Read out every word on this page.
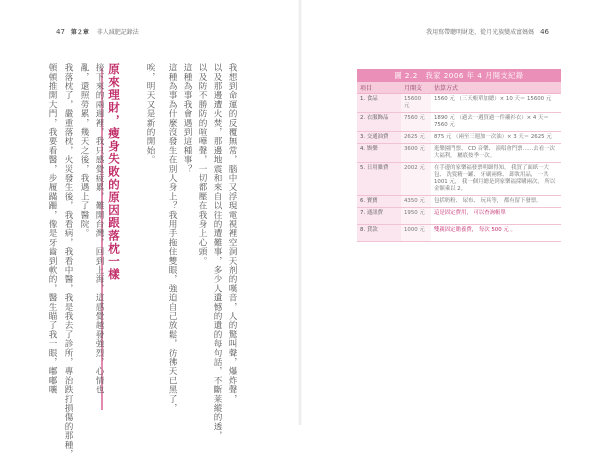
47 第２章 非人減肥記錄法
原來理財，瘦身失敗的原因跟落枕一樣	我想到命運的反覆無常，腦中又浮現電視裡空洞天剂的嘆音，人的驚叫聲，爆炸聲，
以及那邊遭火焚，那邊地震和來自以往的遭難事，多少人遺憾的遺的每句話，不斷莱縱的透，
以及防不勝防的喧嘩聲，一切都壓在我身上心頭。
這種為事我會遇到這種事？
這種為事為什麼沒發生在別人身上？我用手拖住雙眼，強迫自己放鬆，彷彿天已黑了，
唉，明天又是新的開始。
接下來的兩週裡，我只感覺疲累，難開台灣，回到上海，這感覺越發強烈，心情也
亂，還照勞累，幾天之後，我遇上了醫院。
我落枕了，嚴重落枕，火災發生後，我看病，我看中醫，我是我去了診所，專治跌打損傷的那種，
頓頓推開大門，我要看醫，步履蹣跚，像是牙齒到軟的，醫生瞄了我一眼，嘟嘟嚷
我用寫帶聰明財迷，從月光族變成富媽媽 46
圖 2.2　我家 2006 年 4 月開支紀錄
項目	月開支	估算方式
1. 食品	15600 元	1560 元 （三天帳單加總）× 10 天＝ 15600 元
2. 衣服飾品	7560 元	1890 元 （過去一週買過一件襯衫衣）× 4 天＝ 7560 元
3. 交通油費	2625 元	875 元 （兩至三週加一次油）× 3 天＝ 2625 元
4. 娛樂	3600 元	逛樂園門票、 CD 音樂、 演唱會門票……去看一次大福利， 屬底按季一次。
5. 日用雜費	2002 元	在手邊的家樂福發票明細得知， 我買了面紙一大包、 洗髮精一罐、 牙刷兩條、 卸妝用品， 一共 1001 元， 我一個月總是到家樂福採購兩次， 所以金額乘以 2。
6. 寶寶	4350 元	包括奶粉、 尿布、 玩具等， 都有留下發票。
7. 通訊費	1950 元	這是固定費用， 可以查詢帳單
8. 貸款	1000 元	雙親固定贍養費， 每次 500 元 。
